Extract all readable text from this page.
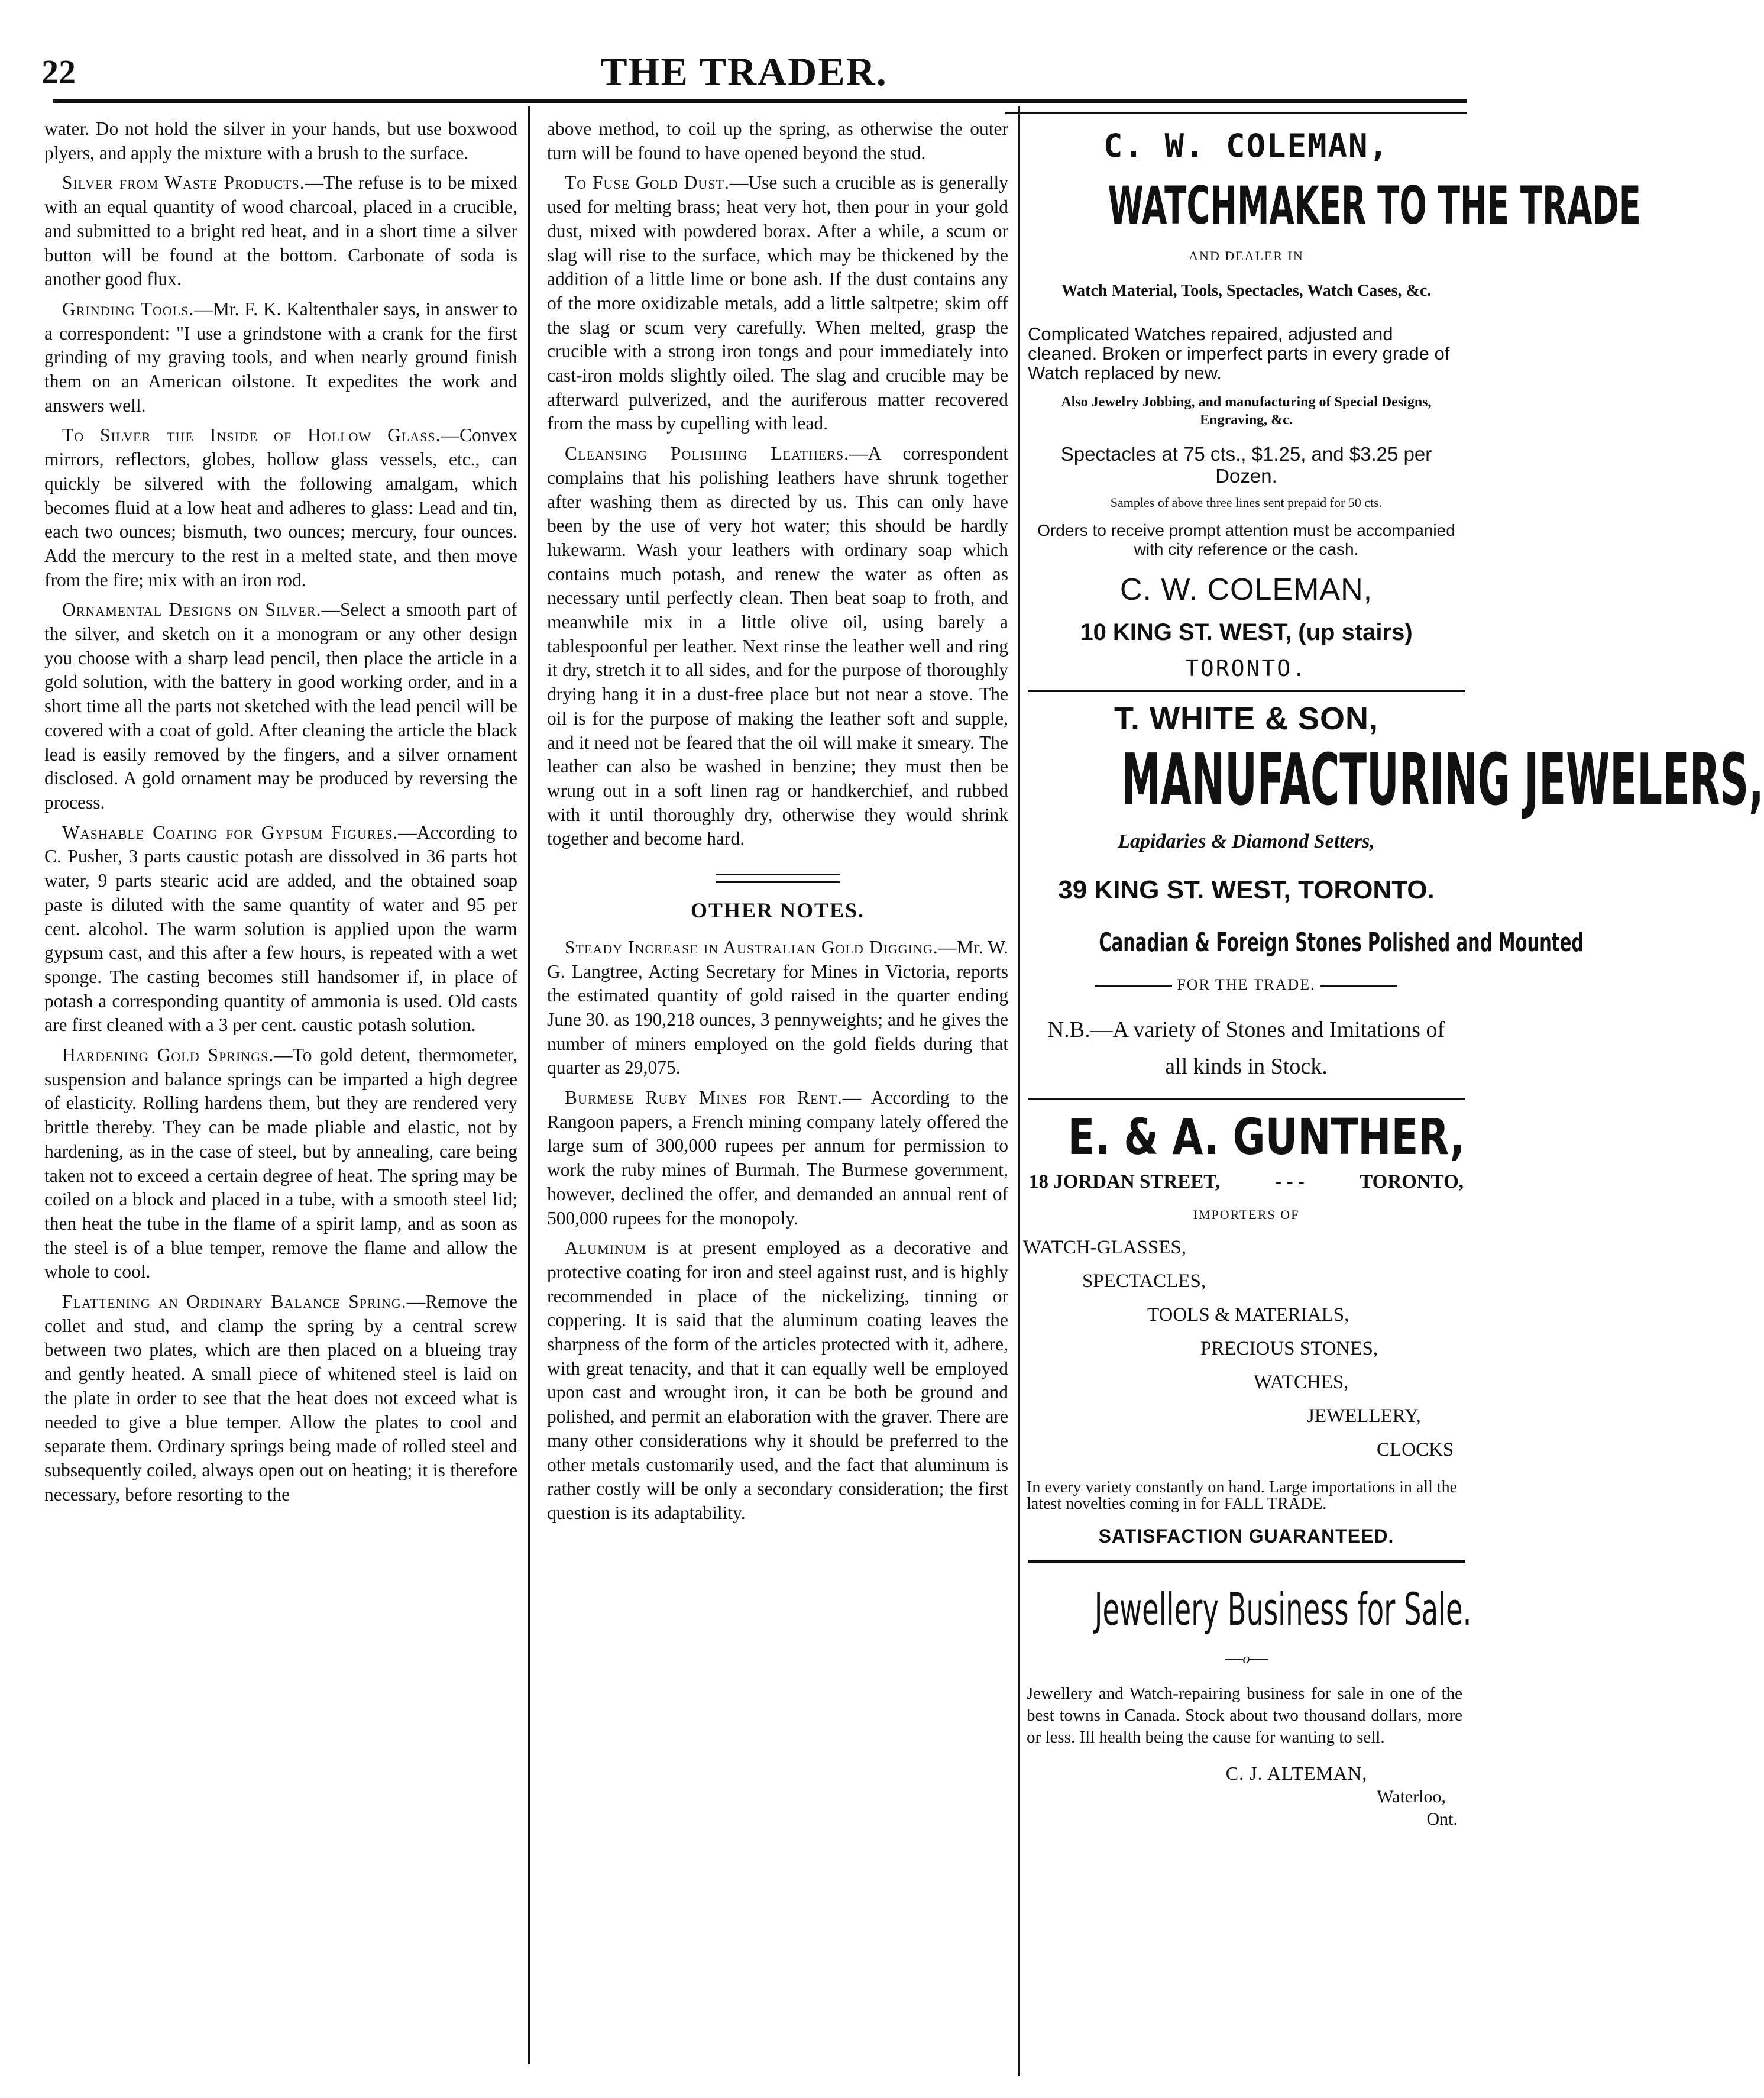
22	THE TRADER.

water. Do not hold the silver in your hands, but use boxwood plyers, and apply the mixture with a brush to the surface.

Silver from Waste Products.—The refuse is to be mixed with an equal quantity of wood charcoal, placed in a crucible, and submitted to a bright red heat, and in a short time a silver button will be found at the bottom. Carbonate of soda is another good flux.

Grinding Tools.—Mr. F. K. Kaltenthaler says, in answer to a correspondent: "I use a grindstone with a crank for the first grinding of my graving tools, and when nearly ground finish them on an American oilstone. It expedites the work and answers well.

To Silver the Inside of Hollow Glass.—Convex mirrors, reflectors, globes, hollow glass vessels, etc., can quickly be silvered with the following amalgam, which becomes fluid at a low heat and adheres to glass: Lead and tin, each two ounces; bismuth, two ounces; mercury, four ounces. Add the mercury to the rest in a melted state, and then move from the fire; mix with an iron rod.

Ornamental Designs on Silver.—Select a smooth part of the silver, and sketch on it a monogram or any other design you choose with a sharp lead pencil, then place the article in a gold solution, with the battery in good working order, and in a short time all the parts not sketched with the lead pencil will be covered with a coat of gold. After cleaning the article the black lead is easily removed by the fingers, and a silver ornament disclosed. A gold ornament may be produced by reversing the process.

Washable Coating for Gypsum Figures.—According to C. Pusher, 3 parts caustic potash are dissolved in 36 parts hot water, 9 parts stearic acid are added, and the obtained soap paste is diluted with the same quantity of water and 95 per cent. alcohol. The warm solution is applied upon the warm gypsum cast, and this after a few hours, is repeated with a wet sponge. The casting becomes still handsomer if, in place of potash a corresponding quantity of ammonia is used. Old casts are first cleaned with a 3 per cent. caustic potash solution.

Hardening Gold Springs.—To gold detent, thermometer, suspension and balance springs can be imparted a high degree of elasticity. Rolling hardens them, but they are rendered very brittle thereby. They can be made pliable and elastic, not by hardening, as in the case of steel, but by annealing, care being taken not to exceed a certain degree of heat. The spring may be coiled on a block and placed in a tube, with a smooth steel lid; then heat the tube in the flame of a spirit lamp, and as soon as the steel is of a blue temper, remove the flame and allow the whole to cool.

Flattening an Ordinary Balance Spring.—Remove the collet and stud, and clamp the spring by a central screw between two plates, which are then placed on a blueing tray and gently heated. A small piece of whitened steel is laid on the plate in order to see that the heat does not exceed what is needed to give a blue temper. Allow the plates to cool and separate them. Ordinary springs being made of rolled steel and subsequently coiled, always open out on heating; it is therefore necessary, before resorting to the

above method, to coil up the spring, as otherwise the outer turn will be found to have opened beyond the stud.

To Fuse Gold Dust.—Use such a crucible as is generally used for melting brass; heat very hot, then pour in your gold dust, mixed with powdered borax. After a while, a scum or slag will rise to the surface, which may be thickened by the addition of a little lime or bone ash. If the dust contains any of the more oxidizable metals, add a little saltpetre; skim off the slag or scum very carefully. When melted, grasp the crucible with a strong iron tongs and pour immediately into cast-iron molds slightly oiled. The slag and crucible may be afterward pulverized, and the auriferous matter recovered from the mass by cupelling with lead.

Cleansing Polishing Leathers.—A correspondent complains that his polishing leathers have shrunk together after washing them as directed by us. This can only have been by the use of very hot water; this should be hardly lukewarm. Wash your leathers with ordinary soap which contains much potash, and renew the water as often as necessary until perfectly clean. Then beat soap to froth, and meanwhile mix in a little olive oil, using barely a tablespoonful per leather. Next rinse the leather well and ring it dry, stretch it to all sides, and for the purpose of thoroughly drying hang it in a dust-free place but not near a stove. The oil is for the purpose of making the leather soft and supple, and it need not be feared that the oil will make it smeary. The leather can also be washed in benzine; they must then be wrung out in a soft linen rag or handkerchief, and rubbed with it until thoroughly dry, otherwise they would shrink together and become hard.

OTHER NOTES.

Steady Increase in Australian Gold Digging.—Mr. W. G. Langtree, Acting Secretary for Mines in Victoria, reports the estimated quantity of gold raised in the quarter ending June 30. as 190,218 ounces, 3 pennyweights; and he gives the number of miners employed on the gold fields during that quarter as 29,075.

Burmese Ruby Mines for Rent.— According to the Rangoon papers, a French mining company lately offered the large sum of 300,000 rupees per annum for permission to work the ruby mines of Burmah. The Burmese government, however, declined the offer, and demanded an annual rent of 500,000 rupees for the monopoly.

Aluminum is at present employed as a decorative and protective coating for iron and steel against rust, and is highly recommended in place of the nickelizing, tinning or coppering. It is said that the aluminum coating leaves the sharpness of the form of the articles protected with it, adhere, with great tenacity, and that it can equally well be employed upon cast and wrought iron, it can be both be ground and polished, and permit an elaboration with the graver. There are many other considerations why it should be preferred to the other metals customarily used, and the fact that aluminum is rather costly will be only a secondary consideration; the first question is its adaptability.

C. W. COLEMAN,
WATCHMAKER TO THE TRADE
AND DEALER IN
Watch Material, Tools, Spectacles, Watch Cases, &c.
Complicated Watches repaired, adjusted and cleaned. Broken or imperfect parts in every grade of Watch replaced by new.
Also Jewelry Jobbing, and manufacturing of Special Designs, Engraving, &c.
Spectacles at 75 cts., $1.25, and $3.25 per Dozen.
Samples of above three lines sent prepaid for 50 cts.
Orders to receive prompt attention must be accompanied with city reference or the cash.
C. W. COLEMAN,
10 KING ST. WEST, (up stairs)
TORONTO.
T. WHITE & SON,
MANUFACTURING JEWELERS,
Lapidaries & Diamond Setters,
39 KING ST. WEST, TORONTO.
Canadian & Foreign Stones Polished and Mounted
FOR THE TRADE.
N.B.—A variety of Stones and Imitations of all kinds in Stock.
E. & A. GUNTHER,
18 JORDAN STREET,	- - -	TORONTO,
IMPORTERS OF
WATCH-GLASSES,
SPECTACLES,
TOOLS & MATERIALS,
PRECIOUS STONES,
WATCHES,
JEWELLERY,
CLOCKS
In every variety constantly on hand. Large importations in all the latest novelties coming in for FALL TRADE.
SATISFACTION GUARANTEED.
Jewellery Business for Sale.
o
Jewellery and Watch-repairing business for sale in one of the best towns in Canada. Stock about two thousand dollars, more or less. Ill health being the cause for wanting to sell.
C. J. ALTEMAN,
Waterloo,
Ont.
